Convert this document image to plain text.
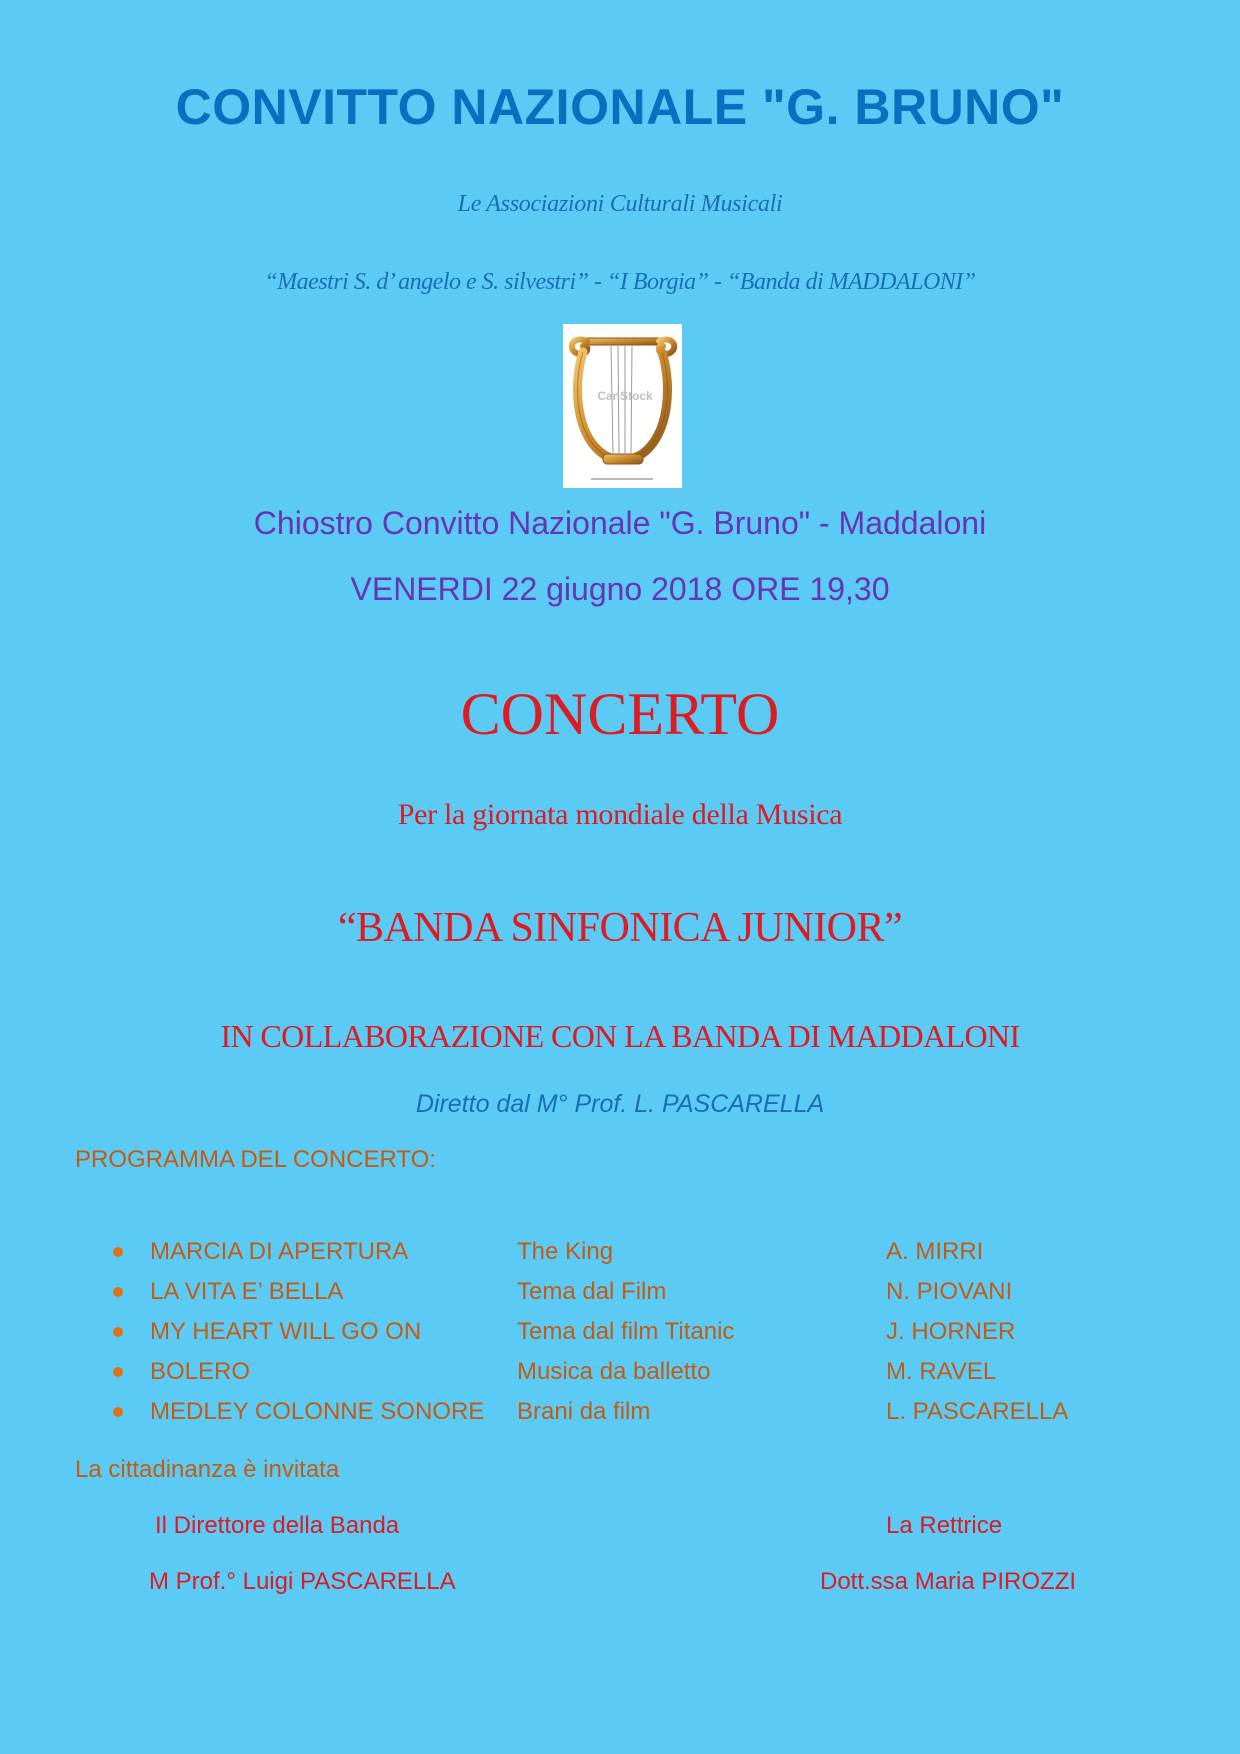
CONVITTO NAZIONALE "G. BRUNO"
Le Associazioni Culturali Musicali
“Maestri S. d’ angelo e S. silvestri” - “I Borgia” - “Banda di MADDALONI”
CanStock
Chiostro Convitto Nazionale "G. Bruno" - Maddaloni
VENERDI 22 giugno 2018 ORE 19,30
CONCERTO
Per la giornata mondiale della Musica
“BANDA SINFONICA JUNIOR”
IN COLLABORAZIONE CON LA BANDA DI MADDALONI
Diretto dal M° Prof. L. PASCARELLA
PROGRAMMA DEL CONCERTO:
MARCIA DI APERTURA	The King	A. MIRRI
LA VITA E’ BELLA	Tema dal Film	N. PIOVANI
MY HEART WILL GO ON	Tema dal film Titanic	J. HORNER
BOLERO	Musica da balletto	M. RAVEL
MEDLEY COLONNE SONORE Brani da film	L. PASCARELLA
La cittadinanza è invitata
Il Direttore della Banda	La Rettrice
M Prof.° Luigi PASCARELLA	Dott.ssa Maria PIROZZI
